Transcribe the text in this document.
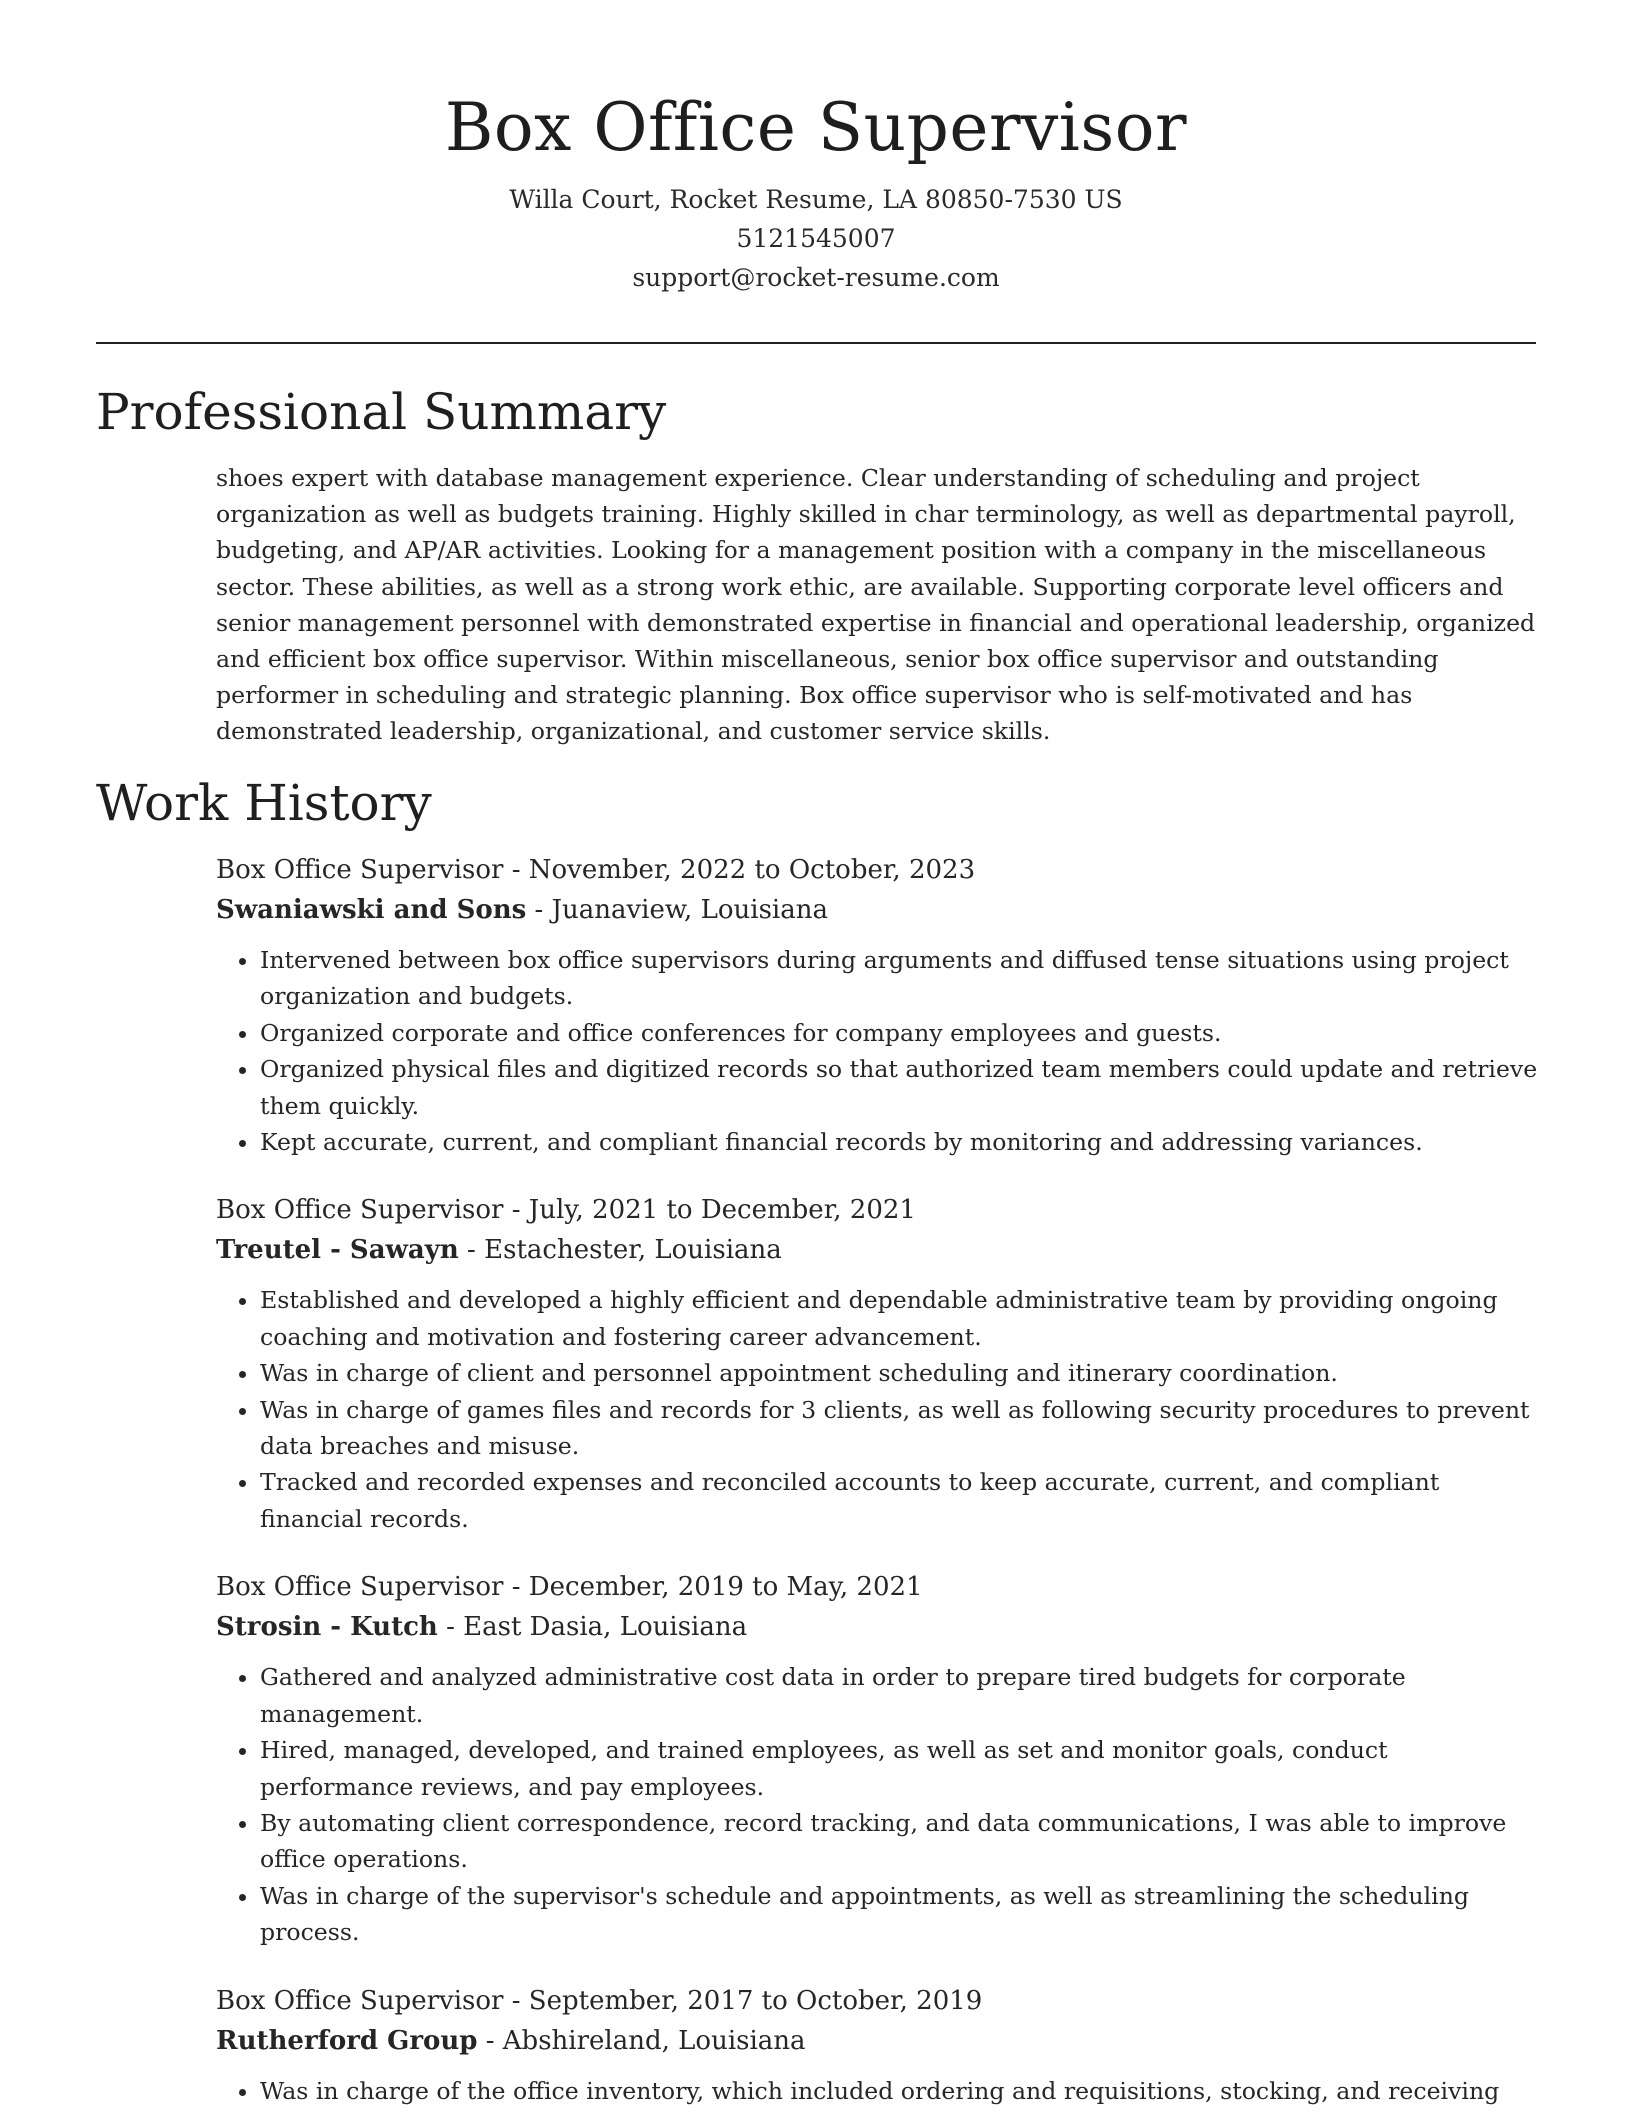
Box Office Supervisor
Willa Court, Rocket Resume, LA 80850-7530 US
5121545007
support@rocket-resume.com
Professional Summary
shoes expert with database management experience. Clear understanding of scheduling and project organization as well as budgets training. Highly skilled in char terminology, as well as departmental payroll, budgeting, and AP/AR activities. Looking for a management position with a company in the miscellaneous sector. These abilities, as well as a strong work ethic, are available. Supporting corporate level officers and senior management personnel with demonstrated expertise in financial and operational leadership, organized and efficient box office supervisor. Within miscellaneous, senior box office supervisor and outstanding performer in scheduling and strategic planning. Box office supervisor who is self-motivated and has demonstrated leadership, organizational, and customer service skills.
Work History
Box Office Supervisor - November, 2022 to October, 2023
Swaniawski and Sons - Juanaview, Louisiana
• Intervened between box office supervisors during arguments and diffused tense situations using project organization and budgets.
• Organized corporate and office conferences for company employees and guests.
• Organized physical files and digitized records so that authorized team members could update and retrieve them quickly.
• Kept accurate, current, and compliant financial records by monitoring and addressing variances.
Box Office Supervisor - July, 2021 to December, 2021
Treutel - Sawayn - Estachester, Louisiana
• Established and developed a highly efficient and dependable administrative team by providing ongoing coaching and motivation and fostering career advancement.
• Was in charge of client and personnel appointment scheduling and itinerary coordination.
• Was in charge of games files and records for 3 clients, as well as following security procedures to prevent data breaches and misuse.
• Tracked and recorded expenses and reconciled accounts to keep accurate, current, and compliant financial records.
Box Office Supervisor - December, 2019 to May, 2021
Strosin - Kutch - East Dasia, Louisiana
• Gathered and analyzed administrative cost data in order to prepare tired budgets for corporate management.
• Hired, managed, developed, and trained employees, as well as set and monitor goals, conduct performance reviews, and pay employees.
• By automating client correspondence, record tracking, and data communications, I was able to improve office operations.
• Was in charge of the supervisor's schedule and appointments, as well as streamlining the scheduling process.
Box Office Supervisor - September, 2017 to October, 2019
Rutherford Group - Abshireland, Louisiana
• Was in charge of the office inventory, which included ordering and requisitions, stocking, and receiving
